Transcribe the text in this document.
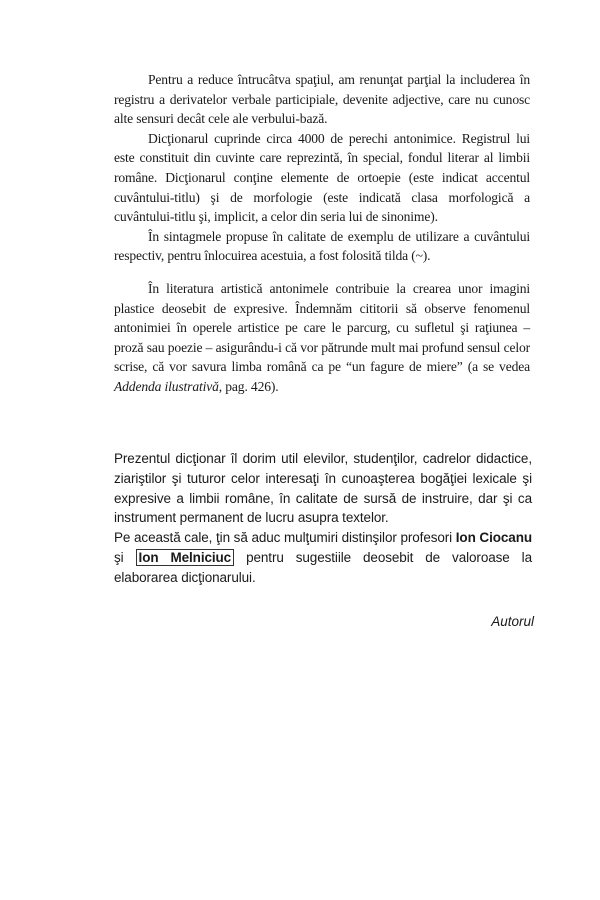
Pentru a reduce întrucâtva spaţiul, am renunţat parţial la includerea în registru a derivatelor verbale participiale, devenite adjective, care nu cunosc alte sensuri decât cele ale verbului-bază.

Dicţionarul cuprinde circa 4000 de perechi antonimice. Registrul lui este constituit din cuvinte care reprezintă, în special, fondul literar al limbii române. Dicţionarul conţine elemente de ortoepie (este indicat accentul cuvântului-titlu) şi de morfologie (este indicată clasa morfologică a cuvântului-titlu şi, implicit, a celor din seria lui de sinonime).

În sintagmele propuse în calitate de exemplu de utilizare a cuvântului respectiv, pentru înlocuirea acestuia, a fost folosită tilda (~).

În literatura artistică antonimele contribuie la crearea unor imagini plastice deosebit de expresive. Îndemnăm cititorii să observe fenomenul antonimiei în operele artistice pe care le parcurg, cu sufletul şi raţiunea – proză sau poezie – asigurându-i că vor pătrunde mult mai profund sensul celor scrise, că vor savura limba română ca pe “un fagure de miere” (a se vedea Addenda ilustrativă, pag. 426).

Prezentul dicţionar îl dorim util elevilor, studenţilor, cadrelor didactice, ziariştilor şi tuturor celor interesaţi în cunoaşterea bogăţiei lexicale şi expresive a limbii române, în calitate de sursă de instruire, dar şi ca instrument permanent de lucru asupra textelor.

Pe această cale, ţin să aduc mulţumiri distinşilor profesori Ion Ciocanu şi Ion Melniciuc pentru sugestiile deosebit de valoroase la elaborarea dicţionarului.

Autorul
